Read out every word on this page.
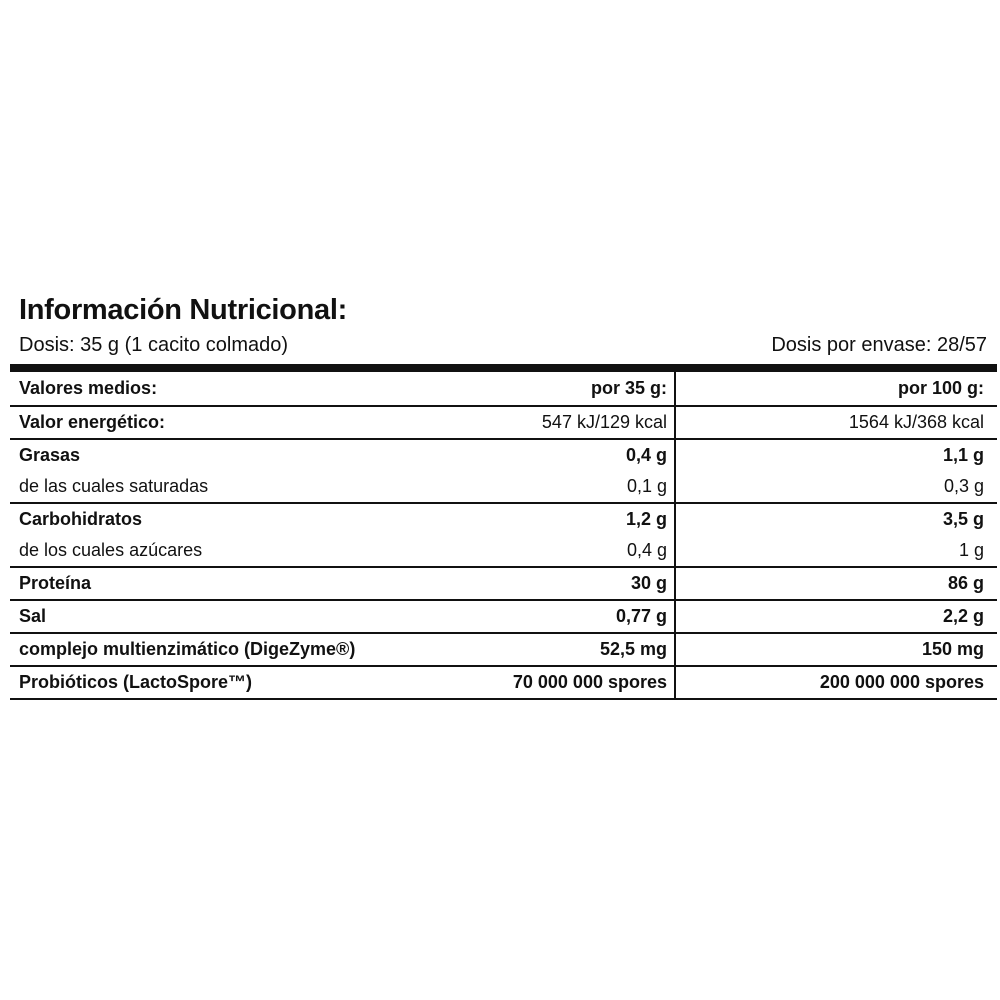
Información Nutricional:
Dosis: 35 g (1 cacito colmado)	Dosis por envase: 28/57
Valores medios:	por 35 g:	por 100 g:
Valor energético:	547 kJ/129 kcal	1564 kJ/368 kcal
Grasas	0,4 g	1,1 g
de las cuales saturadas	0,1 g	0,3 g
Carbohidratos	1,2 g	3,5 g
de los cuales azúcares	0,4 g	1 g
Proteína	30 g	86 g
Sal	0,77 g	2,2 g
complejo multienzimático (DigeZyme®)	52,5 mg	150 mg
Probióticos (LactoSpore™)	70 000 000 spores	200 000 000 spores
